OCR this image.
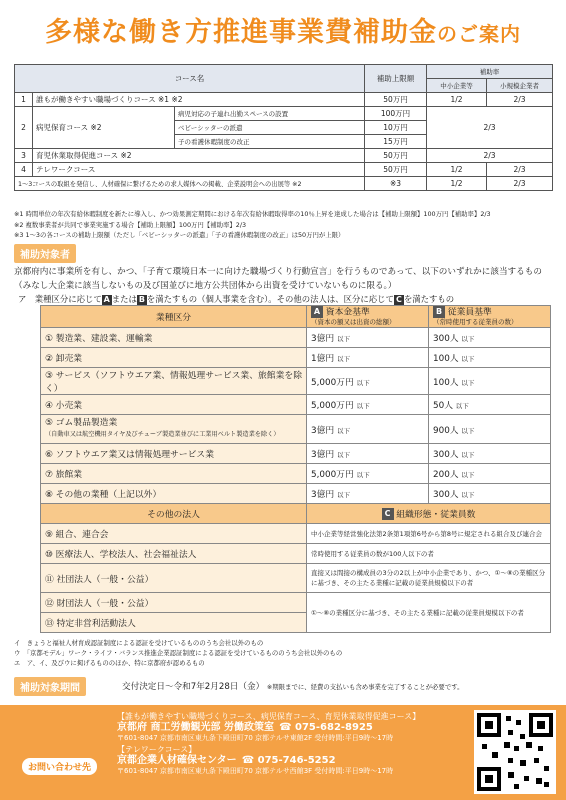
多様な働き方推進事業費補助金のご案内
コース名			補助上限額	補助率	
				中小企業等	小規模企業者
1	誰もが働きやすい職場づくりコース ※1 ※2		50万円	1/2	2/3
2	病児保育コース ※2	病児対応の子連れ出勤スペースの設置	100万円	2/3	
		ベビーシッターの派遣	10万円		
		子の看護休暇制度の改正	15万円		
3	育児休業取得促進コース ※2		50万円	2/3	
4	テレワークコース		50万円	1/2	2/3
1～3コースの取組を発信し、人材確保に繋げるための求人媒体への掲載、企業説明会への出展等 ※2			※3	1/2	2/3
※1 時間単位の年次有給休暇制度を新たに導入し、かつ効果測定期間における年次有給休暇取得率の10％上昇を達成した場合は【補助上限額】100万円【補助率】2/3
※2 複数事業者が共同で事業実施する場合【補助上限額】100万円【補助率】2/3
※3 1～3の各コースの補助上限額（ただし「ベビーシッターの派遣」「子の看護休暇制度の改正」は50万円が上限）
補助対象者
京都府内に事業所を有し、かつ、「子育て環境日本一に向けた職場づくり行動宣言」を行うものであって、以下のいずれかに該当するもの（みなし大企業に該当しないもの及び国並びに地方公共団体から出資を受けていないものに限る。）
ア　業種区分に応じて A または B を満たすもの（個人事業を含む）。その他の法人は、区分に応じて C を満たすもの
業種区分	A 資本金基準
（資本の額又は出資の総額）	B 従業員基準
（常時使用する従業員の数）
① 製造業、建設業、運輸業	3億円 以下	300人 以下
② 卸売業	1億円 以下	100人 以下
③ サービス（ソフトウエア業、情報処理サービス業、旅館業を除く）	5,000万円 以下	100人 以下
④ 小売業	5,000万円 以下	50人 以下
⑤ ゴム製品製造業
（自動車又は航空機用タイヤ及びチューブ製造業並びに工業用ベルト製造業を除く）	3億円 以下	900人 以下
⑥ ソフトウエア業又は情報処理サービス業	3億円 以下	300人 以下
⑦ 旅館業	5,000万円 以下	200人 以下
⑧ その他の業種（上記以外）	3億円 以下	300人 以下
その他の法人	C 組織形態・従業員数	
⑨ 組合、連合会	中小企業等経営強化法第2条第1項第6号から第8号に規定される組合及び連合会	
⑩ 医療法人、学校法人、社会福祉法人	常時使用する従業員の数が100人以下の者	
⑪ 社団法人（一般・公益）	直接又は間接の構成員の3分の2以上が中小企業であり、かつ、①～⑧の業種区分に基づき、その主たる業種に記載の従業員規模以下の者	
⑫ 財団法人（一般・公益）	①～⑧の業種区分に基づき、その主たる業種に記載の従業員規模以下の者	
⑬ 特定非営利活動法人		
イ　きょうと福祉人材育成認証制度による認証を受けているもののうち会社以外のもの
ウ　「京都モデル」ワーク・ライフ・バランス推進企業認証制度による認証を受けているもののうち会社以外のもの
エ　ア、イ、及びウに掲げるもののほか、特に京都府が認めるもの
補助対象期間	交付決定日～令和7年2月28日（金） ※期限までに、経費の支払いも含め事業を完了することが必要です。
お問い合わせ先
【誰もが働きやすい職場づくりコース、病児保育コース、育児休業取得促進コース】
京都府 商工労働観光部 労働政策室 ☎ 075-682-8925
〒601-8047 京都市南区東九条下殿田町70 京都テルサ東館2F 受付時間:平日9時～17時
【テレワークコース】
京都企業人材確保センター ☎ 075-746-5252
〒601-8047 京都市南区東九条下殿田町70 京都テルサ西館3F 受付時間:平日9時～17時
